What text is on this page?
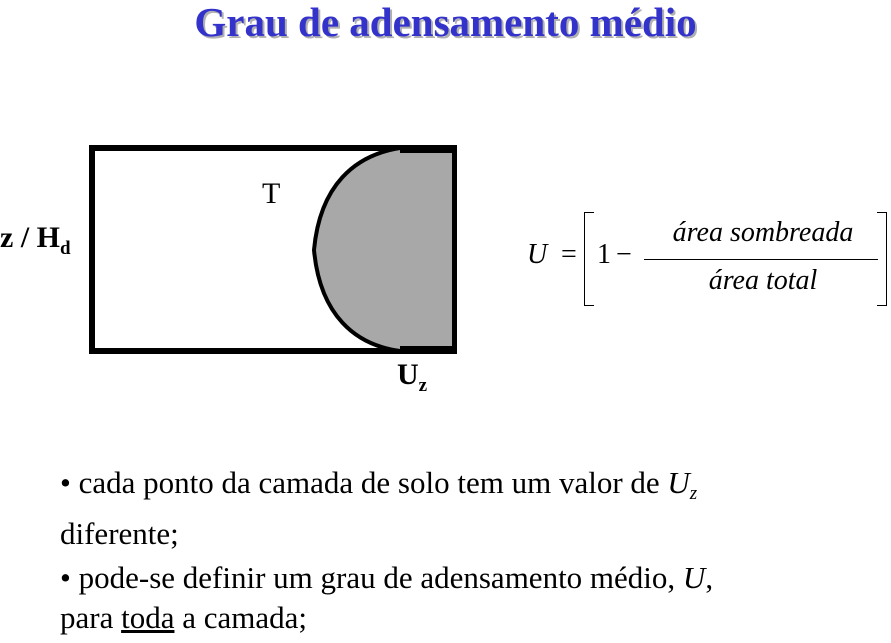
Grau de adensamento médio
T
z / $H_d$
$U_z$
U = 1 −
área sombreada
área total
• cada ponto da camada de solo tem um valor de $U_z$
diferente;
• pode-se definir um grau de adensamento médio, U,
para toda a camada;
